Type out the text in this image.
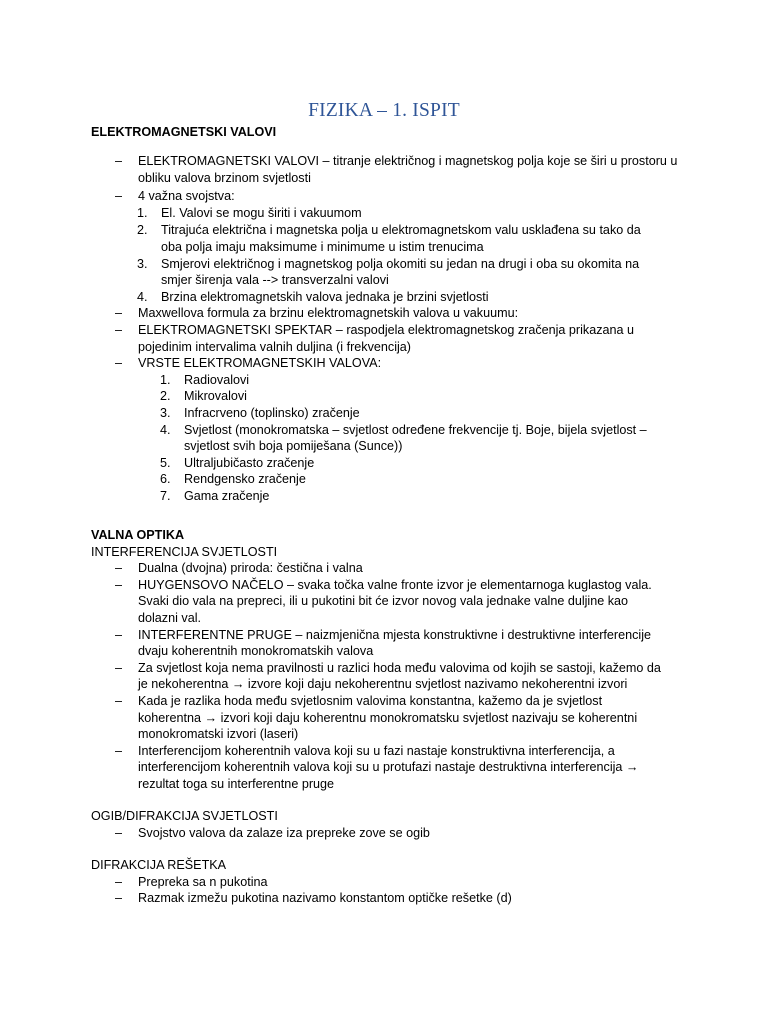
FIZIKA – 1. ISPIT

ELEKTROMAGNETSKI VALOVI

– ELEKTROMAGNETSKI VALOVI – titranje električnog i magnetskog polja koje se širi u prostoru u

obliku valova brzinom svjetlosti

– 4 važna svojstva:

1. El. Valovi se mogu širiti i vakuumom

2. Titrajuća električna i magnetska polja u elektromagnetskom valu usklađena su tako da

oba polja imaju maksimume i minimume u istim trenucima

3. Smjerovi električnog i magnetskog polja okomiti su jedan na drugi i oba su okomita na

smjer širenja vala --> transverzalni valovi

4. Brzina elektromagnetskih valova jednaka je brzini svjetlosti

– Maxwellova formula za brzinu elektromagnetskih valova u vakuumu:

– ELEKTROMAGNETSKI SPEKTAR – raspodjela elektromagnetskog zračenja prikazana u

pojedinim intervalima valnih duljina (i frekvencija)

– VRSTE ELEKTROMAGNETSKIH VALOVA:

1. Radiovalovi

2. Mikrovalovi

3. Infracrveno (toplinsko) zračenje

4. Svjetlost (monokromatska – svjetlost određene frekvencije tj. Boje, bijela svjetlost –

svjetlost svih boja pomiješana (Sunce))

5. Ultraljubičasto zračenje

6. Rendgensko zračenje

7. Gama zračenje

VALNA OPTIKA

INTERFERENCIJA SVJETLOSTI

– Dualna (dvojna) priroda: čestična i valna

– HUYGENSOVO NAČELO – svaka točka valne fronte izvor je elementarnoga kuglastog vala.

Svaki dio vala na prepreci, ili u pukotini bit će izvor novog vala jednake valne duljine kao

dolazni val.

– INTERFERENTNE PRUGE – naizmjenična mjesta konstruktivne i destruktivne interferencije

dvaju koherentnih monokromatskih valova

– Za svjetlost koja nema pravilnosti u razlici hoda među valovima od kojih se sastoji, kažemo da

je nekoherentna → izvore koji daju nekoherentnu svjetlost nazivamo nekoherentni izvori

– Kada je razlika hoda među svjetlosnim valovima konstantna, kažemo da je svjetlost

koherentna → izvori koji daju koherentnu monokromatsku svjetlost nazivaju se koherentni

monokromatski izvori (laseri)

– Interferencijom koherentnih valova koji su u fazi nastaje konstruktivna interferencija, a

interferencijom koherentnih valova koji su u protufazi nastaje destruktivna interferencija →

rezultat toga su interferentne pruge

OGIB/DIFRAKCIJA SVJETLOSTI

– Svojstvo valova da zalaze iza prepreke zove se ogib

DIFRAKCIJA REŠETKA

– Prepreka sa n pukotina

– Razmak izmežu pukotina nazivamo konstantom optičke rešetke (d)
